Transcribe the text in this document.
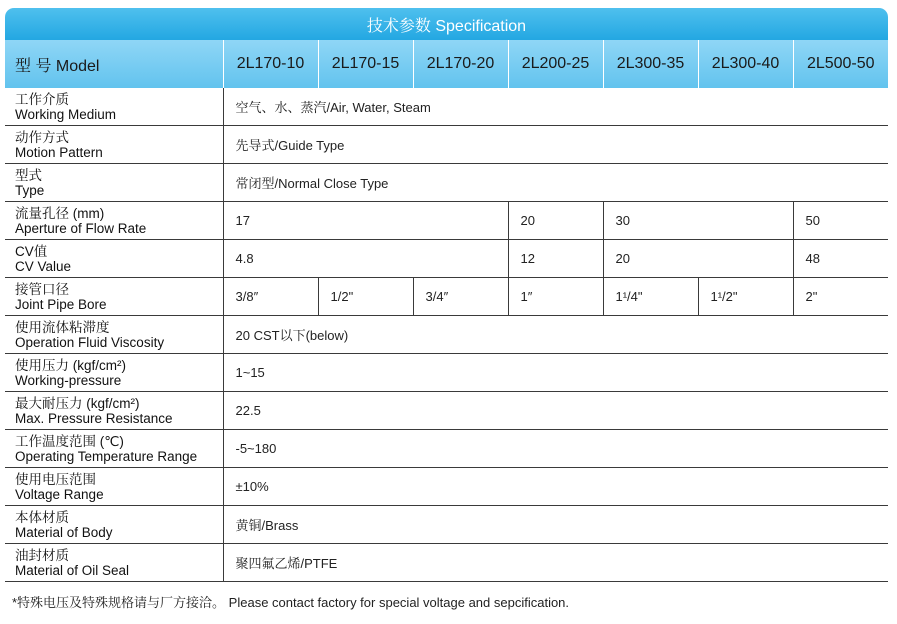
技术参数 Specification
型 号 Model	2L170-10	2L170-15	2L170-20	2L200-25	2L300-35	2L300-40	2L500-50

工作介质
Working Medium	空气、水、蒸汽/Air, Water, Steam						

动作方式
Motion Pattern	先导式/Guide Type						

型式
Type	常闭型/Normal Close Type						

流量孔径 (mm)
Aperture of Flow Rate	17			20	30		50

CV值
CV Value	4.8			12	20		48

接管口径
Joint Pipe Bore	3/8″	1/2"	3/4″	1″	1¹/4"	1¹/2"	2"

使用流体粘滞度
Operation Fluid Viscosity	20 CST以下(below)						

使用压力 (kgf/cm²)
Working-pressure	1~15						

最大耐压力 (kgf/cm²)
Max. Pressure Resistance	22.5						

工作温度范围 (℃)
Operating Temperature Range	-5~180						

使用电压范围
Voltage Range	±10%						

本体材质
Material of Body	黄铜/Brass						

油封材质
Material of Oil Seal	聚四氟乙烯/PTFE						
*特殊电压及特殊规格请与厂方接洽。 Please contact factory for special voltage and sepcification.
